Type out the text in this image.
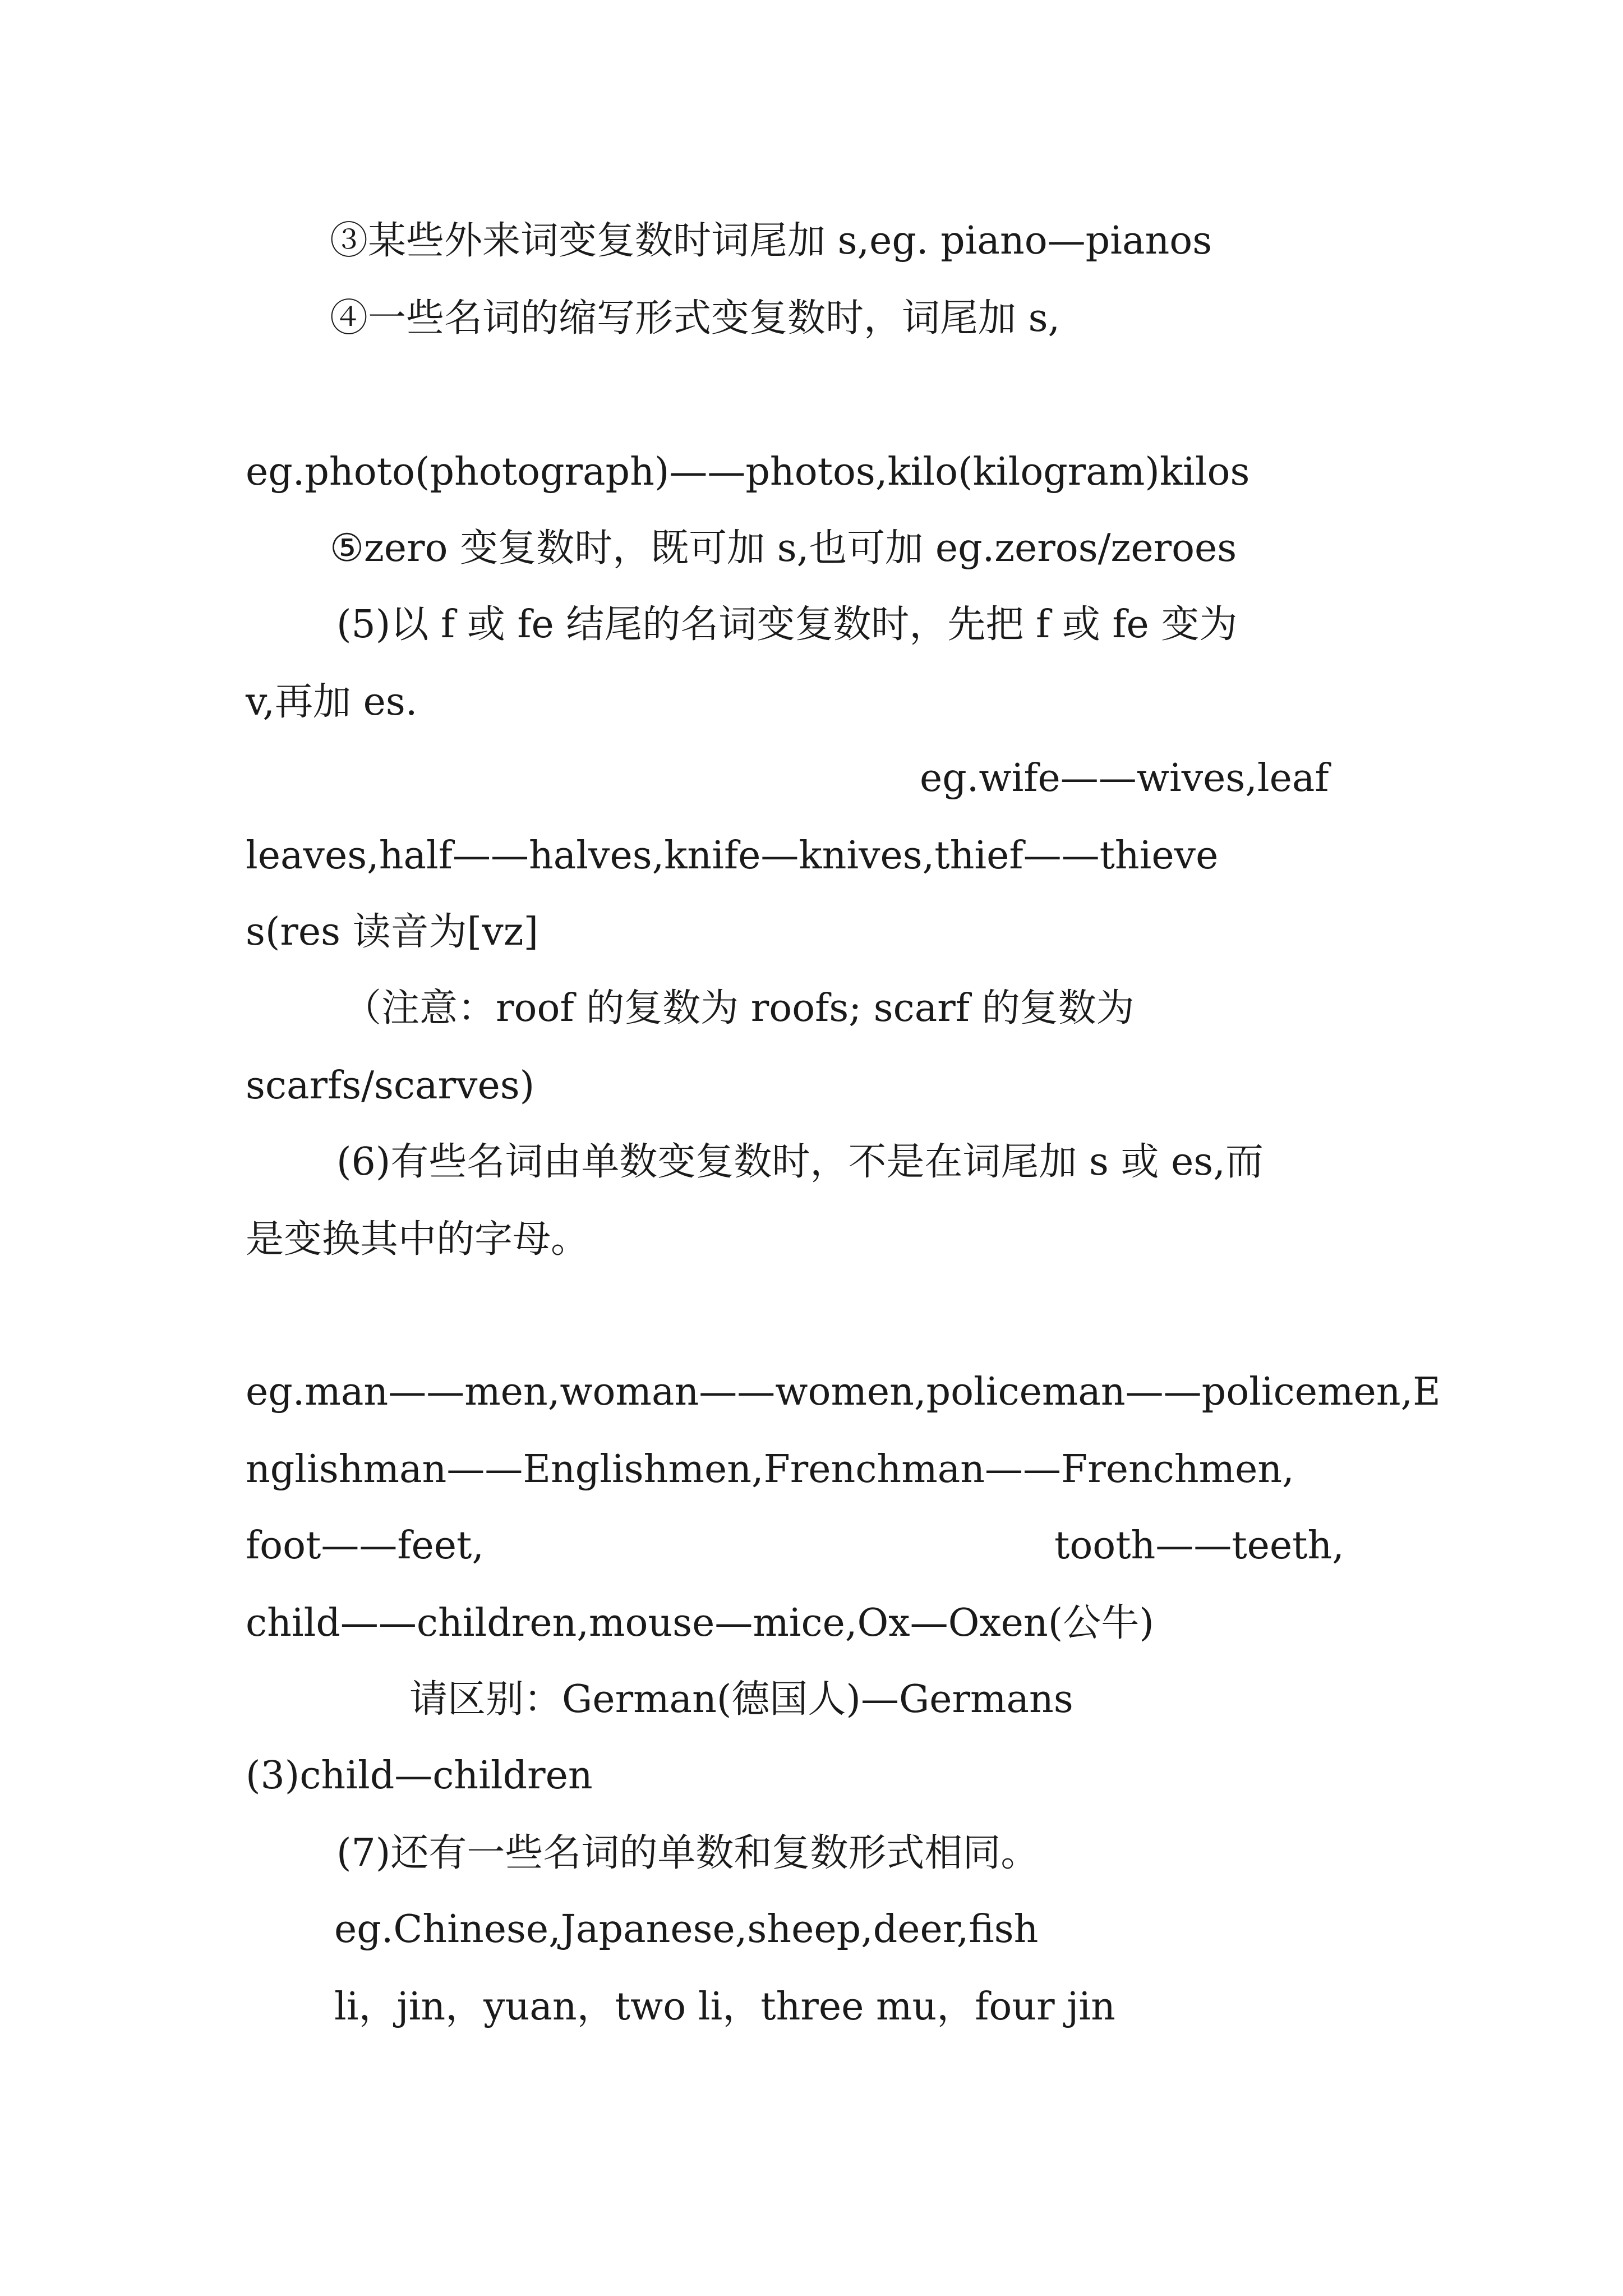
③某些外来词变复数时词尾加 s,eg. piano—pianos

④一些名词的缩写形式变复数时，词尾加 s,

eg.photo(photograph)——photos,kilo(kilogram)kilos

⑤zero 变复数时，既可加 s,也可加 eg.zeros/zeroes

(5)以 f 或 fe 结尾的名词变复数时，先把 f 或 fe 变为

v,再加 es.

eg.wife——wives,leaf

leaves,half——halves,knife—knives,thief——thieve

s(res 读音为[vz]

（注意：roof 的复数为 roofs; scarf 的复数为

scarfs/scarves)

(6)有些名词由单数变复数时，不是在词尾加 s 或 es,而

是变换其中的字母。

eg.man——men,woman——women,policeman——policemen,E

nglishman——Englishmen,Frenchman——Frenchmen,

foot——feet,	tooth——teeth,

child——children,mouse—mice,Ox—Oxen(公牛)

请区别：German(德国人)—Germans

(3)child—children

(7)还有一些名词的单数和复数形式相同。

eg.Chinese,Japanese,sheep,deer,fish

li，jin，yuan，two li，three mu，four jin
